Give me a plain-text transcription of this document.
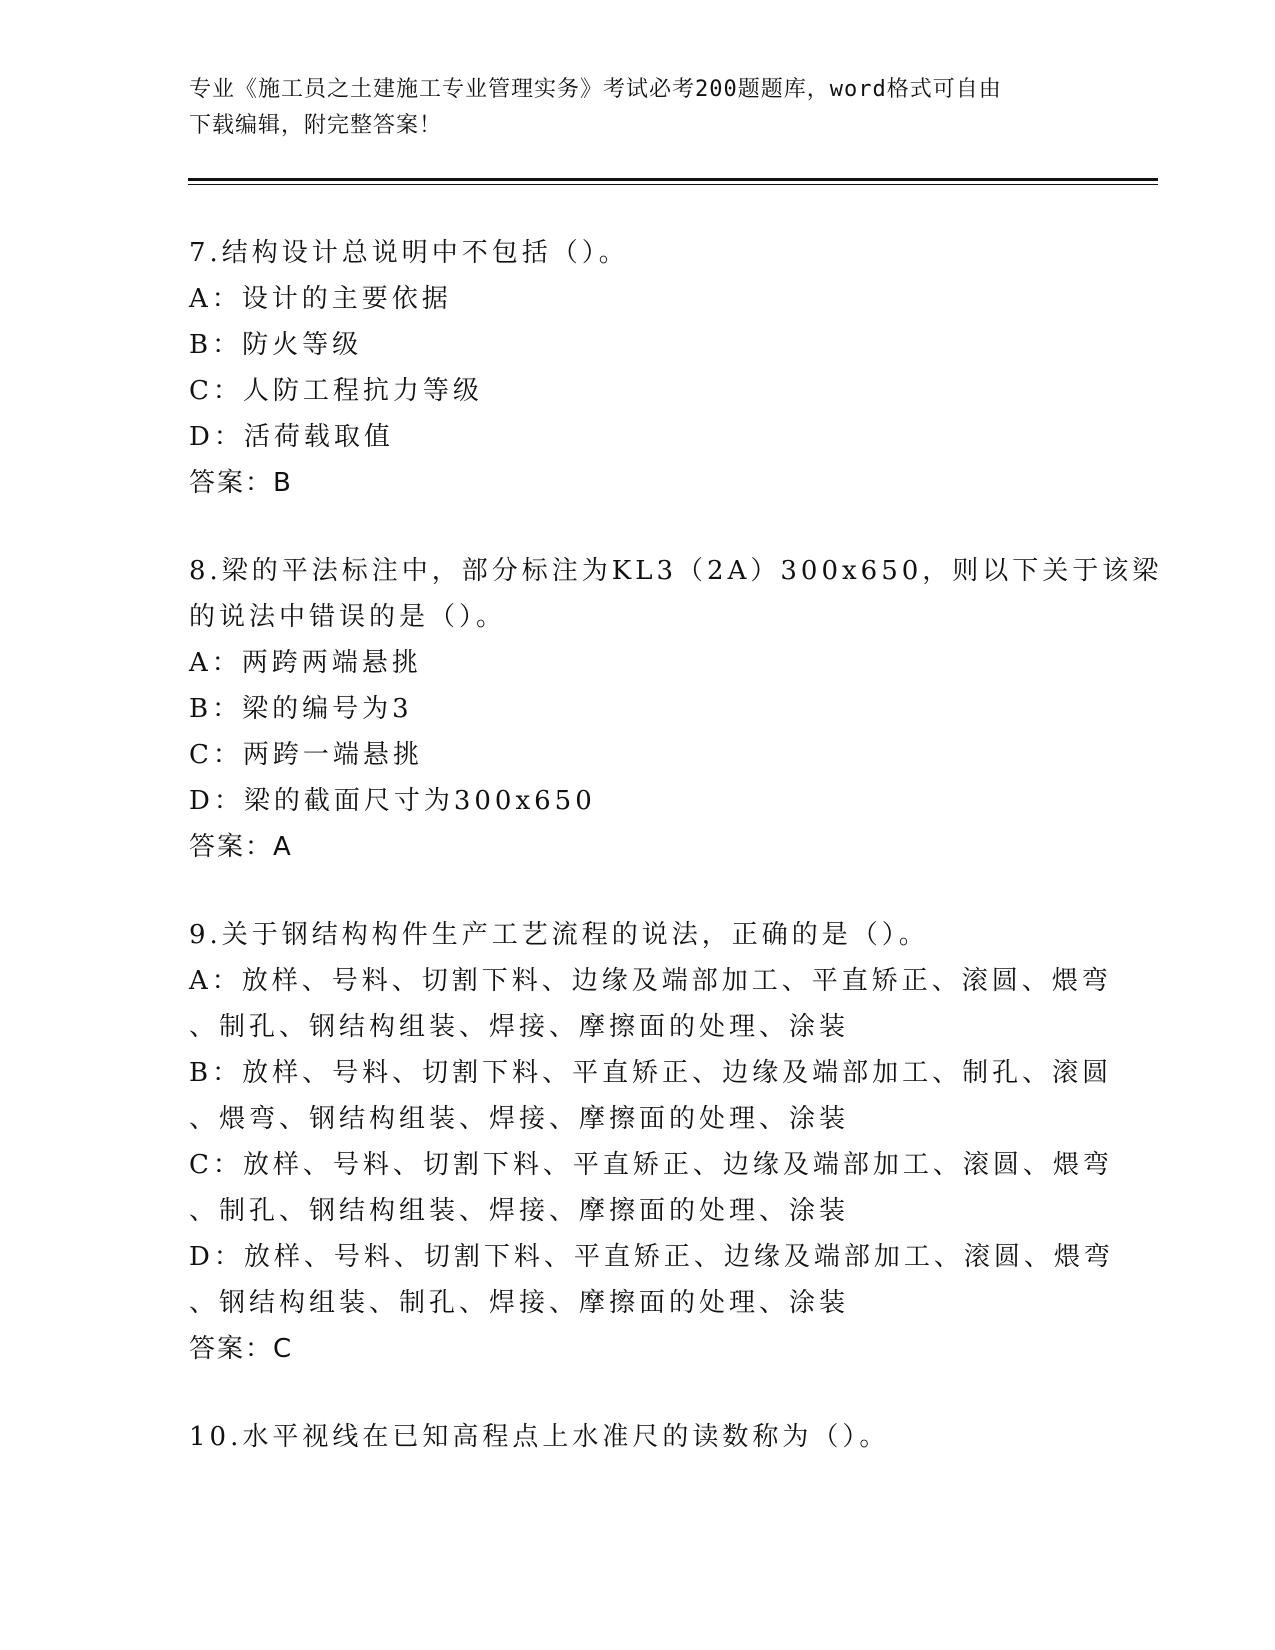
专业《施工员之土建施工专业管理实务》考试必考200题题库，word格式可自由
下载编辑，附完整答案！
7.结构设计总说明中不包括（）。
A：设计的主要依据
B：防火等级
C：人防工程抗力等级
D：活荷载取值
答案：B
8.梁的平法标注中，部分标注为KL3（2A）300x650，则以下关于该梁
的说法中错误的是（）。
A：两跨两端悬挑
B：梁的编号为3
C：两跨一端悬挑
D：梁的截面尺寸为300x650
答案：A
9.关于钢结构构件生产工艺流程的说法，正确的是（）。
A：放样、号料、切割下料、边缘及端部加工、平直矫正、滚圆、煨弯
、制孔、钢结构组装、焊接、摩擦面的处理、涂装
B：放样、号料、切割下料、平直矫正、边缘及端部加工、制孔、滚圆
、煨弯、钢结构组装、焊接、摩擦面的处理、涂装
C：放样、号料、切割下料、平直矫正、边缘及端部加工、滚圆、煨弯
、制孔、钢结构组装、焊接、摩擦面的处理、涂装
D：放样、号料、切割下料、平直矫正、边缘及端部加工、滚圆、煨弯
、钢结构组装、制孔、焊接、摩擦面的处理、涂装
答案：C
10.水平视线在已知高程点上水准尺的读数称为（）。
